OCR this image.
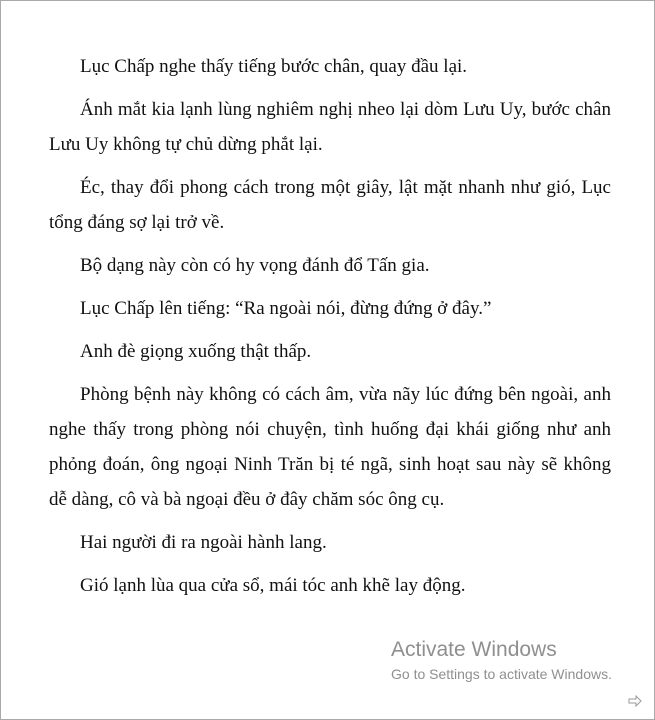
Lục Chấp nghe thấy tiếng bước chân, quay đầu lại.

Ánh mắt kia lạnh lùng nghiêm nghị nheo lại dòm Lưu Uy, bước chân Lưu Uy không tự chủ dừng phắt lại.

Éc, thay đổi phong cách trong một giây, lật mặt nhanh như gió, Lục tổng đáng sợ lại trở về.

Bộ dạng này còn có hy vọng đánh đổ Tấn gia.

Lục Chấp lên tiếng: “Ra ngoài nói, đừng đứng ở đây.”

Anh đè giọng xuống thật thấp.

Phòng bệnh này không có cách âm, vừa nãy lúc đứng bên ngoài, anh nghe thấy trong phòng nói chuyện, tình huống đại khái giống như anh phỏng đoán, ông ngoại Ninh Trăn bị té ngã, sinh hoạt sau này sẽ không dễ dàng, cô và bà ngoại đều ở đây chăm sóc ông cụ.

Hai người đi ra ngoài hành lang.

Gió lạnh lùa qua cửa sổ, mái tóc anh khẽ lay động.

Activate Windows
Go to Settings to activate Windows.
